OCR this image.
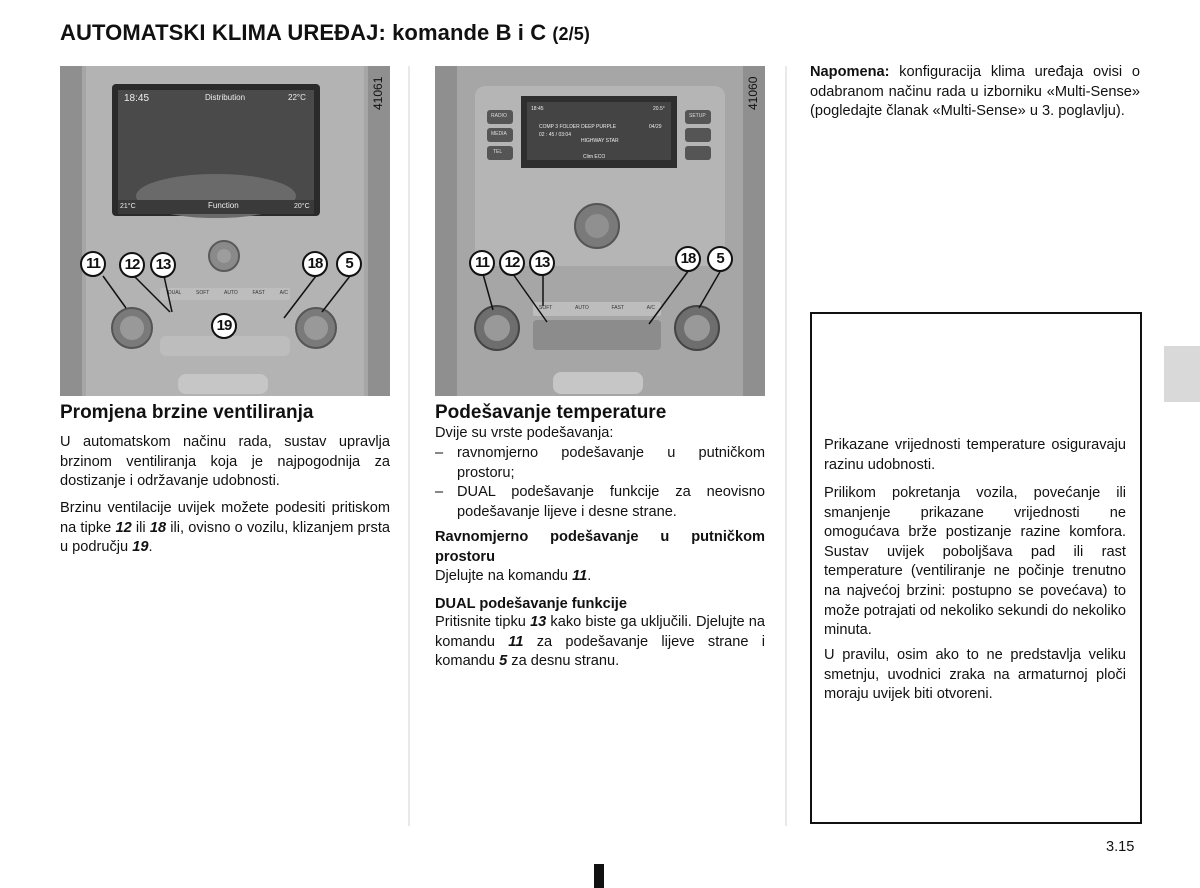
AUTOMATSKI KLIMA UREĐAJ: komande B i C (2/5)
18:45	Distribution	22°C
21°C	Function	20°C
DUAL	SOFT	AUTO	FAST	A/C
41061
11	12	13	18	5
19
18:45	20.5°
COMP 3 FOLDER DEEP PURPLE	04/29
02 : 45 / 03:04
HIGHWAY STAR
Clim ECO
RADIO
MEDIA
TEL
SETUP
SOFT	AUTO	FAST	A/C
41060
11	12	13	18	5
Promjena brzine ventiliranja
U automatskom načinu rada, sustav upravlja brzinom ventiliranja koja je najpogodnija za dostizanje i održavanje udobnosti.
Brzinu ventilacije uvijek možete podesiti pritiskom na tipke 12 ili 18 ili, ovisno o vozilu, klizanjem prsta u području 19.
Podešavanje temperature
Dvije su vrste podešavanja:
– ravnomjerno podešavanje u putničkom prostoru;
– DUAL podešavanje funkcije za neovisno podešavanje lijeve i desne strane.
Ravnomjerno podešavanje u putničkom prostoru
Djelujte na komandu 11.
DUAL podešavanje funkcije
Pritisnite tipku 13 kako biste ga uključili. Djelujte na komandu 11 za podešavanje lijeve strane i komandu 5 za desnu stranu.
Napomena: konfiguracija klima uređaja ovisi o odabranom načinu rada u izborniku «Multi-Sense» (pogledajte članak «Multi-Sense» u 3. poglavlju).
Prikazane vrijednosti temperature osiguravaju razinu udobnosti.
Prilikom pokretanja vozila, povećanje ili smanjenje prikazane vrijednosti ne omogućava brže postizanje razine komfora. Sustav uvijek poboljšava pad ili rast temperature (ventiliranje ne počinje trenutno na najvećoj brzini: postupno se povećava) to može potrajati od nekoliko sekundi do nekoliko minuta.
U pravilu, osim ako to ne predstavlja veliku smetnju, uvodnici zraka na armaturnoj ploči moraju uvijek biti otvoreni.
3.15
